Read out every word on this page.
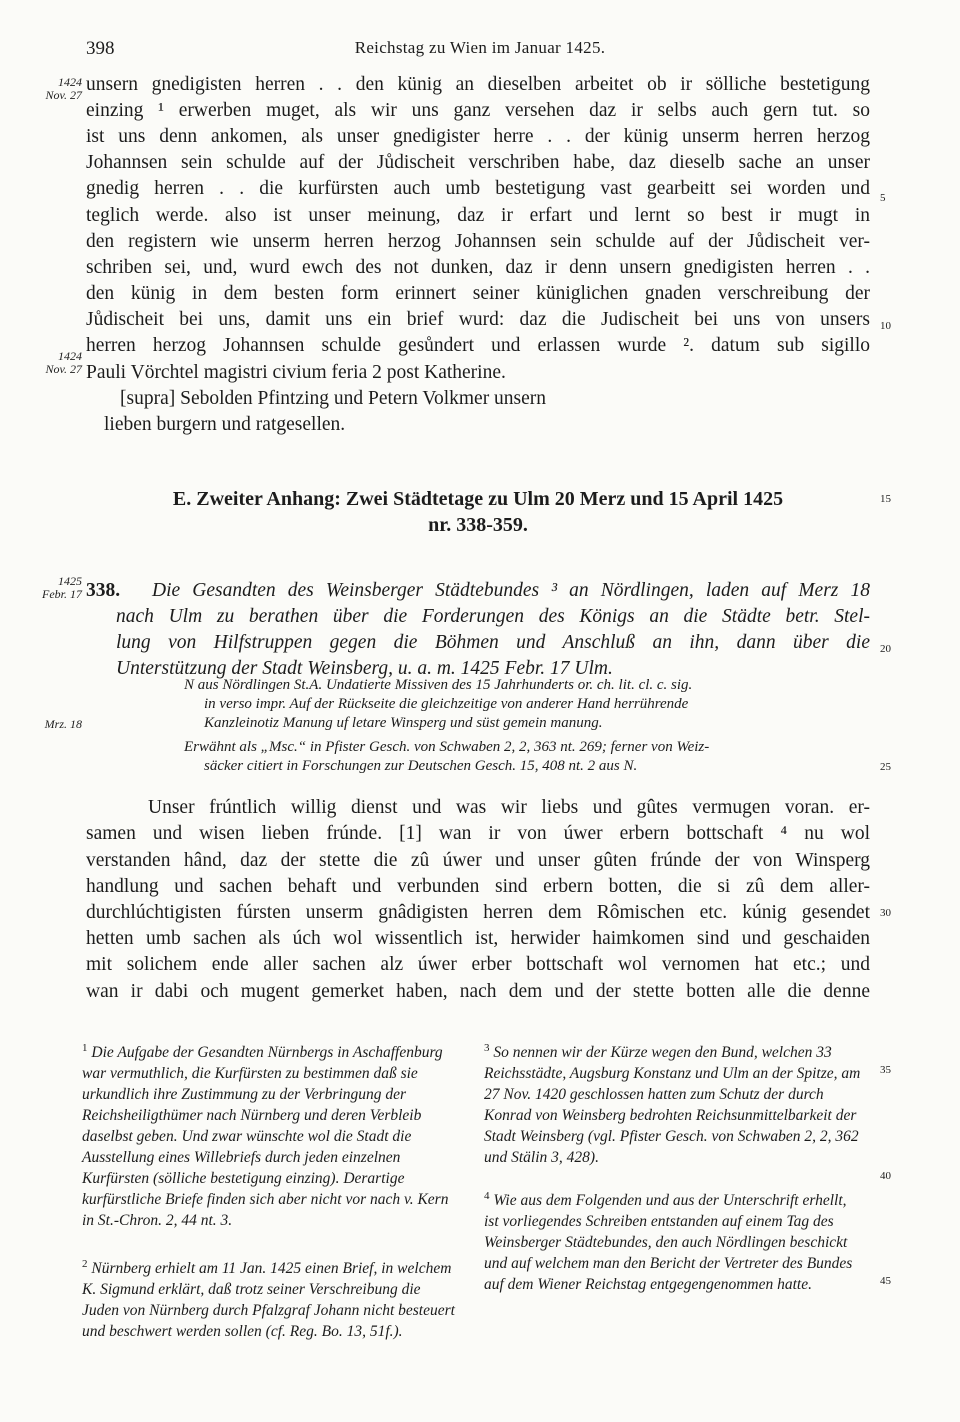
398	Reichstag zu Wien im Januar 1425.
1424
Nov. 27
1424
Nov. 27
1425
Febr. 17
Mrz. 18
5
10
15
20
25
30
35
40
45
unsern gnedigisten herren . . den künig an dieselben arbeitet ob ir sölliche bestetigung
einzing ¹ erwerben muget, als wir uns ganz versehen daz ir selbs auch gern tut. so
ist uns denn ankomen, als unser gnedigister herre . . der künig unserm herren herzog
Johannsen sein schulde auf der Jůdischeit verschriben habe, daz dieselb sache an unser
gnedig herren . . die kurfürsten auch umb bestetigung vast gearbeitt sei worden und
teglich werde. also ist unser meinung, daz ir erfart und lernt so best ir mugt in
den registern wie unserm herren herzog Johannsen sein schulde auf der Jůdischeit ver-
schriben sei, und, wurd ewch des not dunken, daz ir denn unsern gnedigisten herren . .
den künig in dem besten form erinnert seiner küniglichen gnaden verschreibung der
Jůdischeit bei uns, damit uns ein brief wurd: daz die Judischeit bei uns von unsers
herren herzog Johannsen schulde gesůndert und erlassen wurde ². datum sub sigillo
Pauli Vörchtel magistri civium feria 2 post Katherine.
[supra] Sebolden Pfintzing und Petern Volkmer unsern
lieben burgern und ratgesellen.
E. Zweiter Anhang: Zwei Städtetage zu Ulm 20 Merz und 15 April 1425
nr. 338-359.
338. Die Gesandten des Weinsberger Städtebundes ³ an Nördlingen, laden auf Merz 18
nach Ulm zu berathen über die Forderungen des Königs an die Städte betr. Stel-
lung von Hilfstruppen gegen die Böhmen und Anschluß an ihn, dann über die
Unterstützung der Stadt Weinsberg, u. a. m. 1425 Febr. 17 Ulm.
N aus Nördlingen St.A. Undatierte Missiven des 15 Jahrhunderts or. ch. lit. cl. c. sig.
in verso impr. Auf der Rückseite die gleichzeitige von anderer Hand herrührende
Kanzleinotiz Manung uf letare Winsperg und süst gemein manung.
Erwähnt als „Msc.“ in Pfister Gesch. von Schwaben 2, 2, 363 nt. 269; ferner von Weiz-
säcker citiert in Forschungen zur Deutschen Gesch. 15, 408 nt. 2 aus N.
Unser frúntlich willig dienst und was wir liebs und gûtes vermugen voran. er-
samen und wisen lieben frúnde. [1] wan ir von úwer erbern bottschaft ⁴ nu wol
verstanden hând, daz der stette die zû úwer und unser gûten frúnde der von Winsperg
handlung und sachen behaft und verbunden sind erbern botten, die si zû dem aller-
durchlúchtigisten fúrsten unserm gnâdigisten herren dem Rômischen etc. kúnig gesendet
hetten umb sachen als úch wol wissentlich ist, herwider haimkomen sind und geschaiden
mit solichem ende aller sachen alz úwer erber bottschaft wol vernomen hat etc.; und
wan ir dabi och mugent gemerket haben, nach dem und der stette botten alle die denne
$^1$ Die Aufgabe der Gesandten Nürnbergs in Aschaffenburg war vermuthlich, die Kurfürsten zu bestimmen daß sie urkundlich ihre Zustimmung zu der Verbringung der Reichsheiligthümer nach Nürnberg und deren Verbleib daselbst geben. Und zwar wünschte wol die Stadt die Ausstellung eines Willebriefs durch jeden einzelnen Kurfürsten (sölliche bestetigung einzing). Derartige kurfürstliche Briefe finden sich aber nicht vor nach v. Kern in St.-Chron. 2, 44 nt. 3.
$^2$ Nürnberg erhielt am 11 Jan. 1425 einen Brief, in welchem K. Sigmund erklärt, daß trotz seiner Verschreibung die Juden von Nürnberg durch Pfalzgraf Johann nicht besteuert und beschwert werden sollen (cf. Reg. Bo. 13, 51f.).
$^3$ So nennen wir der Kürze wegen den Bund, welchen 33 Reichsstädte, Augsburg Konstanz und Ulm an der Spitze, am 27 Nov. 1420 geschlossen hatten zum Schutz der durch Konrad von Weinsberg bedrohten Reichsunmittelbarkeit der Stadt Weinsberg (vgl. Pfister Gesch. von Schwaben 2, 2, 362 und Stälin 3, 428).
$^4$ Wie aus dem Folgenden und aus der Unterschrift erhellt, ist vorliegendes Schreiben entstanden auf einem Tag des Weinsberger Städtebundes, den auch Nördlingen beschickt und auf welchem man den Bericht der Vertreter des Bundes auf dem Wiener Reichstag entgegengenommen hatte.
